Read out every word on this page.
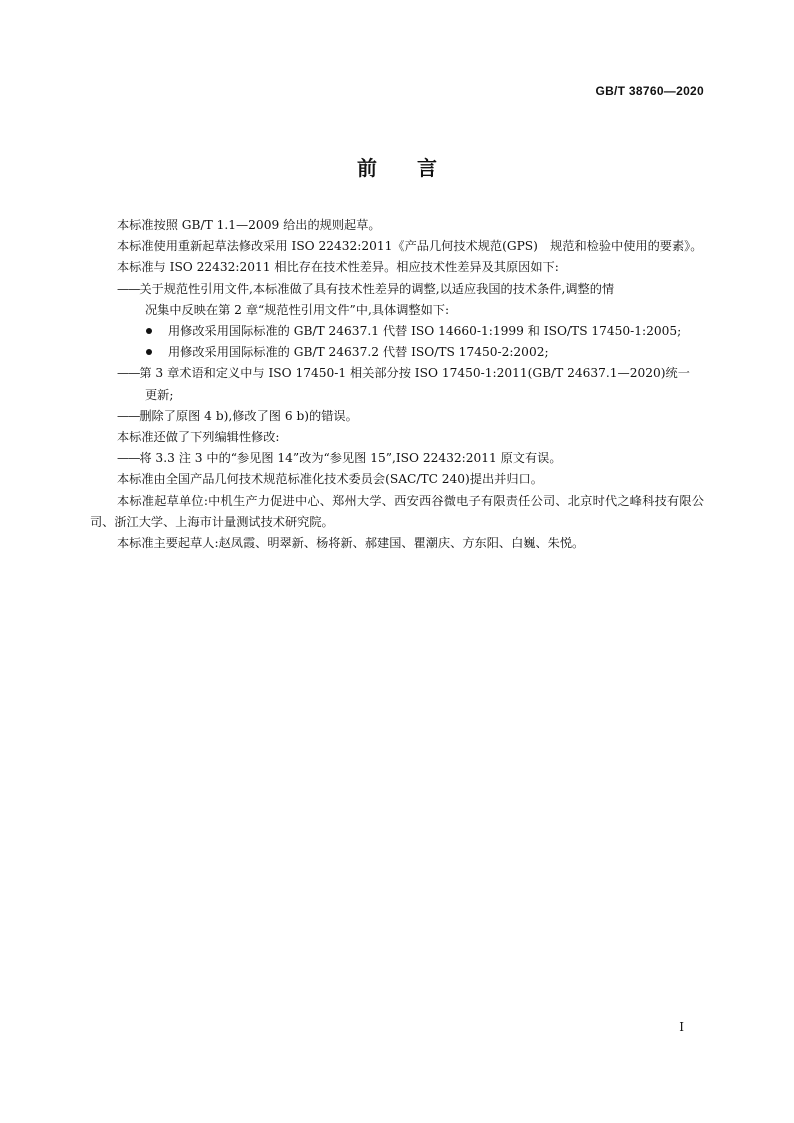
GB/T 38760—2020
前言

本标准按照 GB/T 1.1—2009 给出的规则起草。

本标准使用重新起草法修改采用 ISO 22432:2011《产品几何技术规范(GPS)　规范和检验中使用的要素》。

本标准与 ISO 22432:2011 相比存在技术性差异。相应技术性差异及其原因如下:

——关于规范性引用文件,本标准做了具有技术性差异的调整,以适应我国的技术条件,调整的情

况集中反映在第 2 章“规范性引用文件”中,具体调整如下:

用修改采用国际标准的 GB/T 24637.1 代替 ISO 14660-1:1999 和 ISO/TS 17450-1:2005;

用修改采用国际标准的 GB/T 24637.2 代替 ISO/TS 17450-2:2002;

——第 3 章术语和定义中与 ISO 17450-1 相关部分按 ISO 17450-1:2011(GB/T 24637.1—2020)统一

更新;

——删除了原图 4 b),修改了图 6 b)的错误。

本标准还做了下列编辑性修改:

——将 3.3 注 3 中的“参见图 14”改为“参见图 15”,ISO 22432:2011 原文有误。

本标准由全国产品几何技术规范标准化技术委员会(SAC/TC 240)提出并归口。

本标准起草单位:中机生产力促进中心、郑州大学、西安西谷微电子有限责任公司、北京时代之峰科技有限公司、浙江大学、上海市计量测试技术研究院。

本标准主要起草人:赵凤霞、明翠新、杨将新、郝建国、瞿潮庆、方东阳、白巍、朱悦。

I
